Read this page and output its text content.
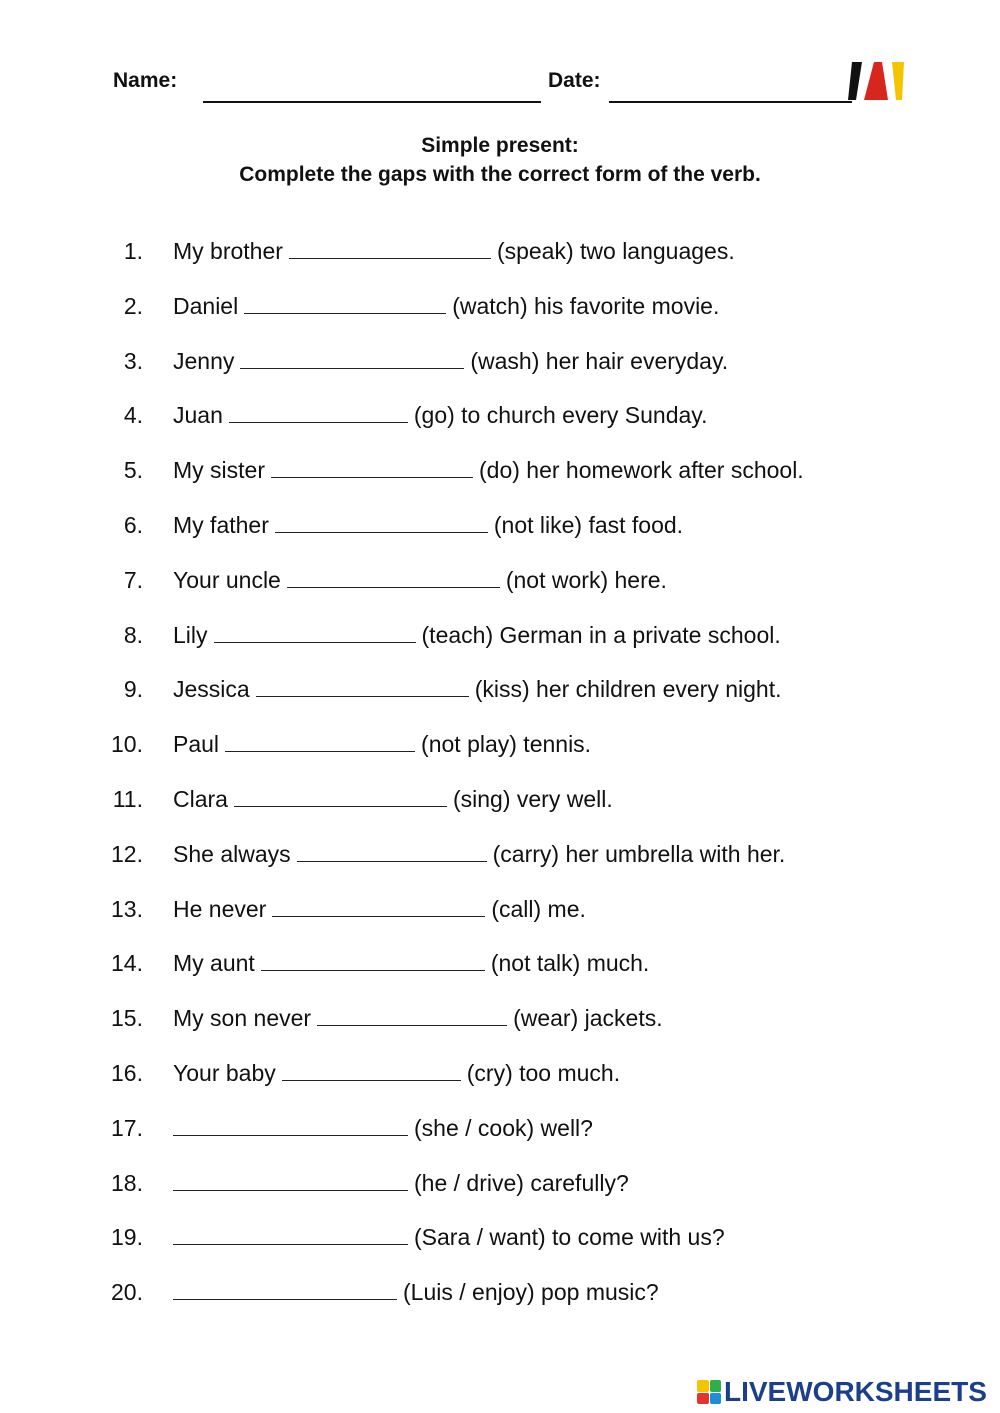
Name:	Date:
Simple present:
Complete the gaps with the correct form of the verb.
1. My brother	(speak) two languages.
2. Daniel	(watch) his favorite movie.
3. Jenny	(wash) her hair everyday.
4. Juan	(go) to church every Sunday.
5. My sister	(do) her homework after school.
6. My father	(not like) fast food.
7. Your uncle	(not work) here.
8. Lily	(teach) German in a private school.
9. Jessica	(kiss) her children every night.
10. Paul	(not play) tennis.
11. Clara	(sing) very well.
12. She always	(carry) her umbrella with her.
13. He never	(call) me.
14. My aunt	(not talk) much.
15. My son never	(wear) jackets.
16. Your baby	(cry) too much.
17.	(she / cook) well?
18.	(he / drive) carefully?
19.	(Sara / want) to come with us?
20.	(Luis / enjoy) pop music?
LIVEWORKSHEETS
